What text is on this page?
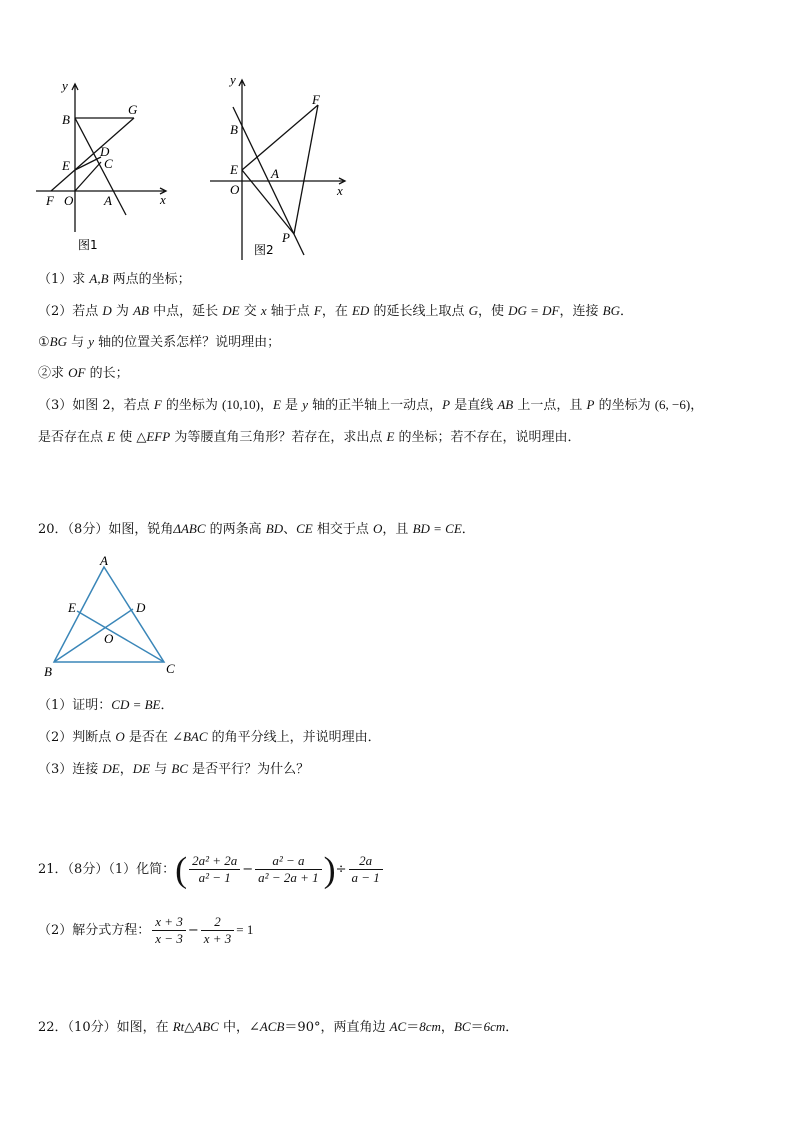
y
x
B
G
D
E	C
F O A
图1
y
x
B
F
E	A
O
P
图2
（1）求 A,B 两点的坐标；
（2）若点 D 为 AB 中点，延长 DE 交 x 轴于点 F，在 ED 的延长线上取点 G，使 DG = DF，连接 BG．
①BG 与 y 轴的位置关系怎样？说明理由；
②求 OF 的长；
（3）如图 2，若点 F 的坐标为 (10,10)，E 是 y 轴的正半轴上一动点，P 是直线 AB 上一点，且 P 的坐标为 (6, −6)，
是否存在点 E 使 △EFP 为等腰直角三角形？若存在，求出点 E 的坐标；若不存在，说明理由．
20．（8分）如图，锐角ΔABC 的两条高 BD、CE 相交于点 O，且 BD = CE．
A
E	D
O
B	C
（1）证明：CD = BE．
（2）判断点 O 是否在 ∠BAC 的角平分线上，并说明理由．
（3）连接 DE，DE 与 BC 是否平行？为什么？
21．（8分）（1）化简：( $\frac{\text{2a² + 2a}}{\text{a² − 1}} - \frac{\text{a² − a}}{\text{a² − 2a + 1}}$ )÷ $\frac{2a}{a - 1}$
（2）解分式方程： $\frac{x + 3}{x - 3} - \frac{2}{x + 3} = 1$
22．（10分）如图，在 Rt△ABC 中，∠ACB＝90°，两直角边 AC＝8cm，BC＝6cm．
